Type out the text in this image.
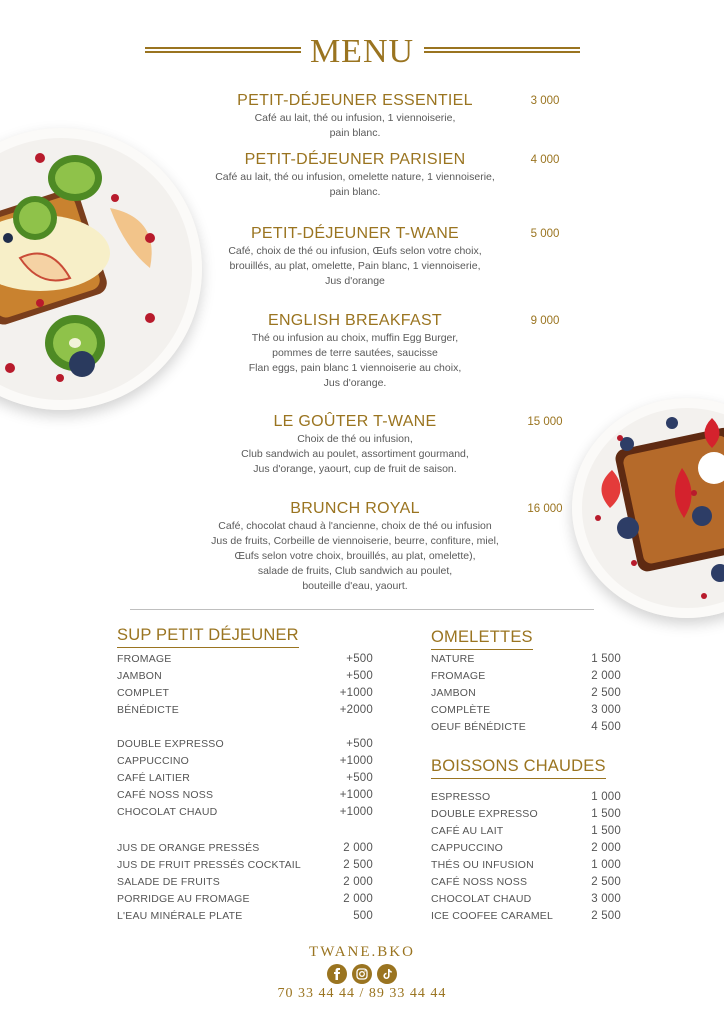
MENU
PETIT-DÉJEUNER ESSENTIEL
Café au lait, thé ou infusion, 1 viennoiserie,
pain blanc.
3 000
PETIT-DÉJEUNER PARISIEN
Café au lait, thé ou infusion, omelette nature, 1 viennoiserie,
pain blanc.
4 000
PETIT-DÉJEUNER T-WANE
Café, choix de thé ou infusion, Œufs selon votre choix,
brouillés, au plat, omelette, Pain blanc, 1 viennoiserie,
Jus d'orange
5 000
ENGLISH BREAKFAST
Thé ou infusion au choix, muffin Egg Burger,
pommes de terre sautées, saucisse
Flan eggs, pain blanc 1 viennoiserie au choix,
Jus d'orange.
9 000
LE GOÛTER T-WANE
Choix de thé ou infusion,
Club sandwich au poulet, assortiment gourmand,
Jus d'orange, yaourt, cup de fruit de saison.
15 000
BRUNCH ROYAL
Café, chocolat chaud à l'ancienne, choix de thé ou infusion
Jus de fruits, Corbeille de viennoiserie, beurre, confiture, miel,
Œufs selon votre choix, brouillés, au plat, omelette),
salade de fruits, Club sandwich au poulet,
bouteille d'eau, yaourt.
16 000
SUP PETIT DÉJEUNER
FROMAGE	+500
JAMBON	+500
COMPLET	+1000
BÉNÉDICTE	+2000
DOUBLE EXPRESSO	+500
CAPPUCCINO	+1000
CAFÉ LAITIER	+500
CAFÉ NOSS NOSS	+1000
CHOCOLAT CHAUD	+1000
JUS DE ORANGE PRESSÉS	2 000
JUS DE FRUIT PRESSÉS COCKTAIL	2 500
SALADE DE FRUITS	2 000
PORRIDGE AU FROMAGE	2 000
L'EAU MINÉRALE PLATE	500
OMELETTES
NATURE	1 500
FROMAGE	2 000
JAMBON	2 500
COMPLÈTE	3 000
OEUF BÉNÉDICTE	4 500
BOISSONS CHAUDES
ESPRESSO	1 000
DOUBLE EXPRESSO	1 500
CAFÉ AU LAIT	1 500
CAPPUCCINO	2 000
THÉS OU INFUSION	1 000
CAFÉ NOSS NOSS	2 500
CHOCOLAT CHAUD	3 000
ICE COOFEE CARAMEL	2 500
TWANE.BKO
70 33 44 44 / 89 33 44 44
